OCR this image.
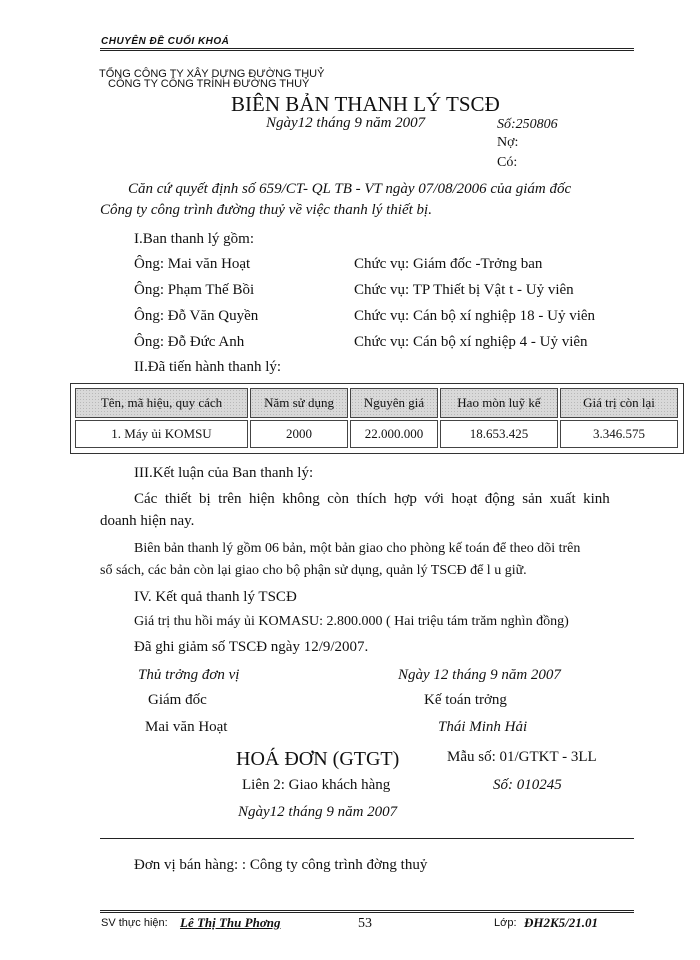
CHUYÊN ĐỀ CUỐI KHOÁ
TỔNG CÔNG TY XÂY DỰNG ĐƯỜNG THUỶ
CÔNG TY CÔNG TRÌNH ĐƯỜNG THUỶ
BIÊN BẢN THANH LÝ TSCĐ
Ngày12 tháng 9 năm 2007	Số:250806
Nợ:
Có:
Căn cứ quyết định số 659/CT- QL TB - VT ngày 07/08/2006 của giám đốc
Công ty công trình đường thuỷ về việc thanh lý thiết bị.
I.Ban thanh lý gồm:
Ông: Mai văn Hoạt	Chức vụ: Giám đốc -Trởng ban
Ông: Phạm Thế Bồi	Chức vụ: TP Thiết bị Vật t - Uỷ viên
Ông: Đỗ Văn Quyền	Chức vụ: Cán bộ xí nghiệp 18 - Uỷ viên
Ông: Đỗ Đức Anh	Chức vụ: Cán bộ xí nghiệp 4 - Uỷ viên
II.Đã tiến hành thanh lý:
Tên, mã hiệu, quy cách	Năm sử dụng	Nguyên giá	Hao mòn luỹ kế	Giá trị còn lại
1. Máy ủi KOMSU	2000	22.000.000	18.653.425	3.346.575
III.Kết luận của Ban thanh lý:
Các  thiết  bị  trên  hiện  không  còn  thích  hợp  với  hoạt  động  sản  xuất  kinh
doanh hiện nay.
Biên bản thanh lý gồm 06 bản, một bản giao cho phòng kế toán để theo dõi trên
sổ sách, các bản còn lại giao cho bộ phận sử dụng, quản lý TSCĐ để l u giữ.
IV. Kết quả thanh lý TSCĐ
Giá trị thu hồi máy ủi KOMASU: 2.800.000 ( Hai triệu tám trăm nghìn đồng)
Đã ghi giảm số TSCĐ ngày 12/9/2007.
Thủ trởng đơn vị	Ngày 12 tháng 9 năm 2007
Giám đốc	Kế toán trởng
Mai văn Hoạt	Thái Minh Hải
HOÁ ĐƠN (GTGT)	Mẫu số: 01/GTKT - 3LL
Liên 2: Giao khách hàng	Số: 010245
Ngày12 tháng 9 năm 2007
Đơn vị bán hàng: : Công ty công trình đờng thuỷ
SV thực hiện: Lê Thị Thu Phơng	53	Lớp: ĐH2K5/21.01
